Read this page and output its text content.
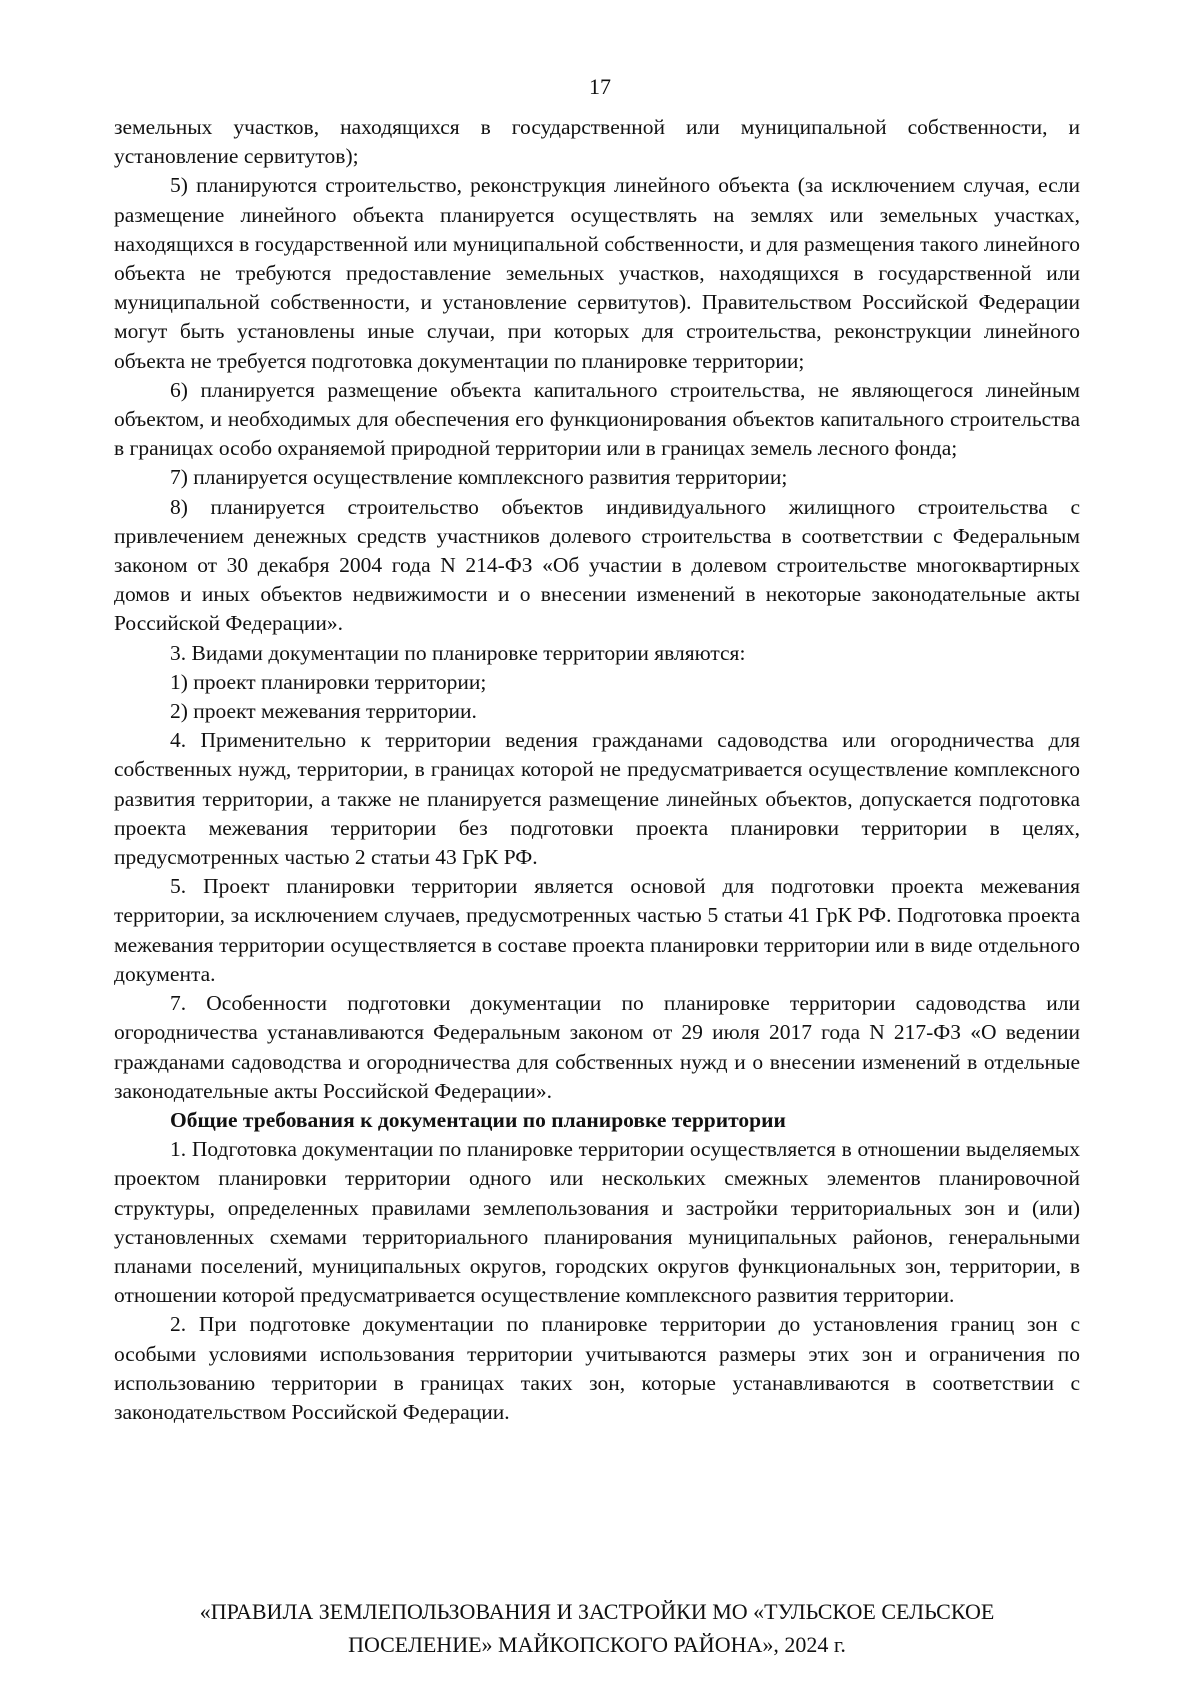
17

земельных участков, находящихся в государственной или муниципальной собственности, и установление сервитутов);

5) планируются строительство, реконструкция линейного объекта (за исключением случая, если размещение линейного объекта планируется осуществлять на землях или земельных участках, находящихся в государственной или муниципальной собственности, и для размещения такого линейного объекта не требуются предоставление земельных участков, находящихся в государственной или муниципальной собственности, и установление сервитутов). Правительством Российской Федерации могут быть установлены иные случаи, при которых для строительства, реконструкции линейного объекта не требуется подготовка документации по планировке территории;

6) планируется размещение объекта капитального строительства, не являющегося линейным объектом, и необходимых для обеспечения его функционирования объектов капитального строительства в границах особо охраняемой природной территории или в границах земель лесного фонда;

7) планируется осуществление комплексного развития территории;

8) планируется строительство объектов индивидуального жилищного строительства с привлечением денежных средств участников долевого строительства в соответствии с Федеральным законом от 30 декабря 2004 года N 214-ФЗ «Об участии в долевом строительстве многоквартирных домов и иных объектов недвижимости и о внесении изменений в некоторые законодательные акты Российской Федерации».

3. Видами документации по планировке территории являются:

1) проект планировки территории;

2) проект межевания территории.

4. Применительно к территории ведения гражданами садоводства или огородничества для собственных нужд, территории, в границах которой не предусматривается осуществление комплексного развития территории, а также не планируется размещение линейных объектов, допускается подготовка проекта межевания территории без подготовки проекта планировки территории в целях, предусмотренных частью 2 статьи 43 ГрК РФ.

5. Проект планировки территории является основой для подготовки проекта межевания территории, за исключением случаев, предусмотренных частью 5 статьи 41 ГрК РФ. Подготовка проекта межевания территории осуществляется в составе проекта планировки территории или в виде отдельного документа.

7. Особенности подготовки документации по планировке территории садоводства или огородничества устанавливаются Федеральным законом от 29 июля 2017 года N 217-ФЗ «О ведении гражданами садоводства и огородничества для собственных нужд и о внесении изменений в отдельные законодательные акты Российской Федерации».

Общие требования к документации по планировке территории

1. Подготовка документации по планировке территории осуществляется в отношении выделяемых проектом планировки территории одного или нескольких смежных элементов планировочной структуры, определенных правилами землепользования и застройки территориальных зон и (или) установленных схемами территориального планирования муниципальных районов, генеральными планами поселений, муниципальных округов, городских округов функциональных зон, территории, в отношении которой предусматривается осуществление комплексного развития территории.

2. При подготовке документации по планировке территории до установления границ зон с особыми условиями использования территории учитываются размеры этих зон и ограничения по использованию территории в границах таких зон, которые устанавливаются в соответствии с законодательством Российской Федерации.

«ПРАВИЛА ЗЕМЛЕПОЛЬЗОВАНИЯ И ЗАСТРОЙКИ МО «ТУЛЬСКОЕ СЕЛЬСКОЕ
ПОСЕЛЕНИЕ» МАЙКОПСКОГО РАЙОНА», 2024 г.
